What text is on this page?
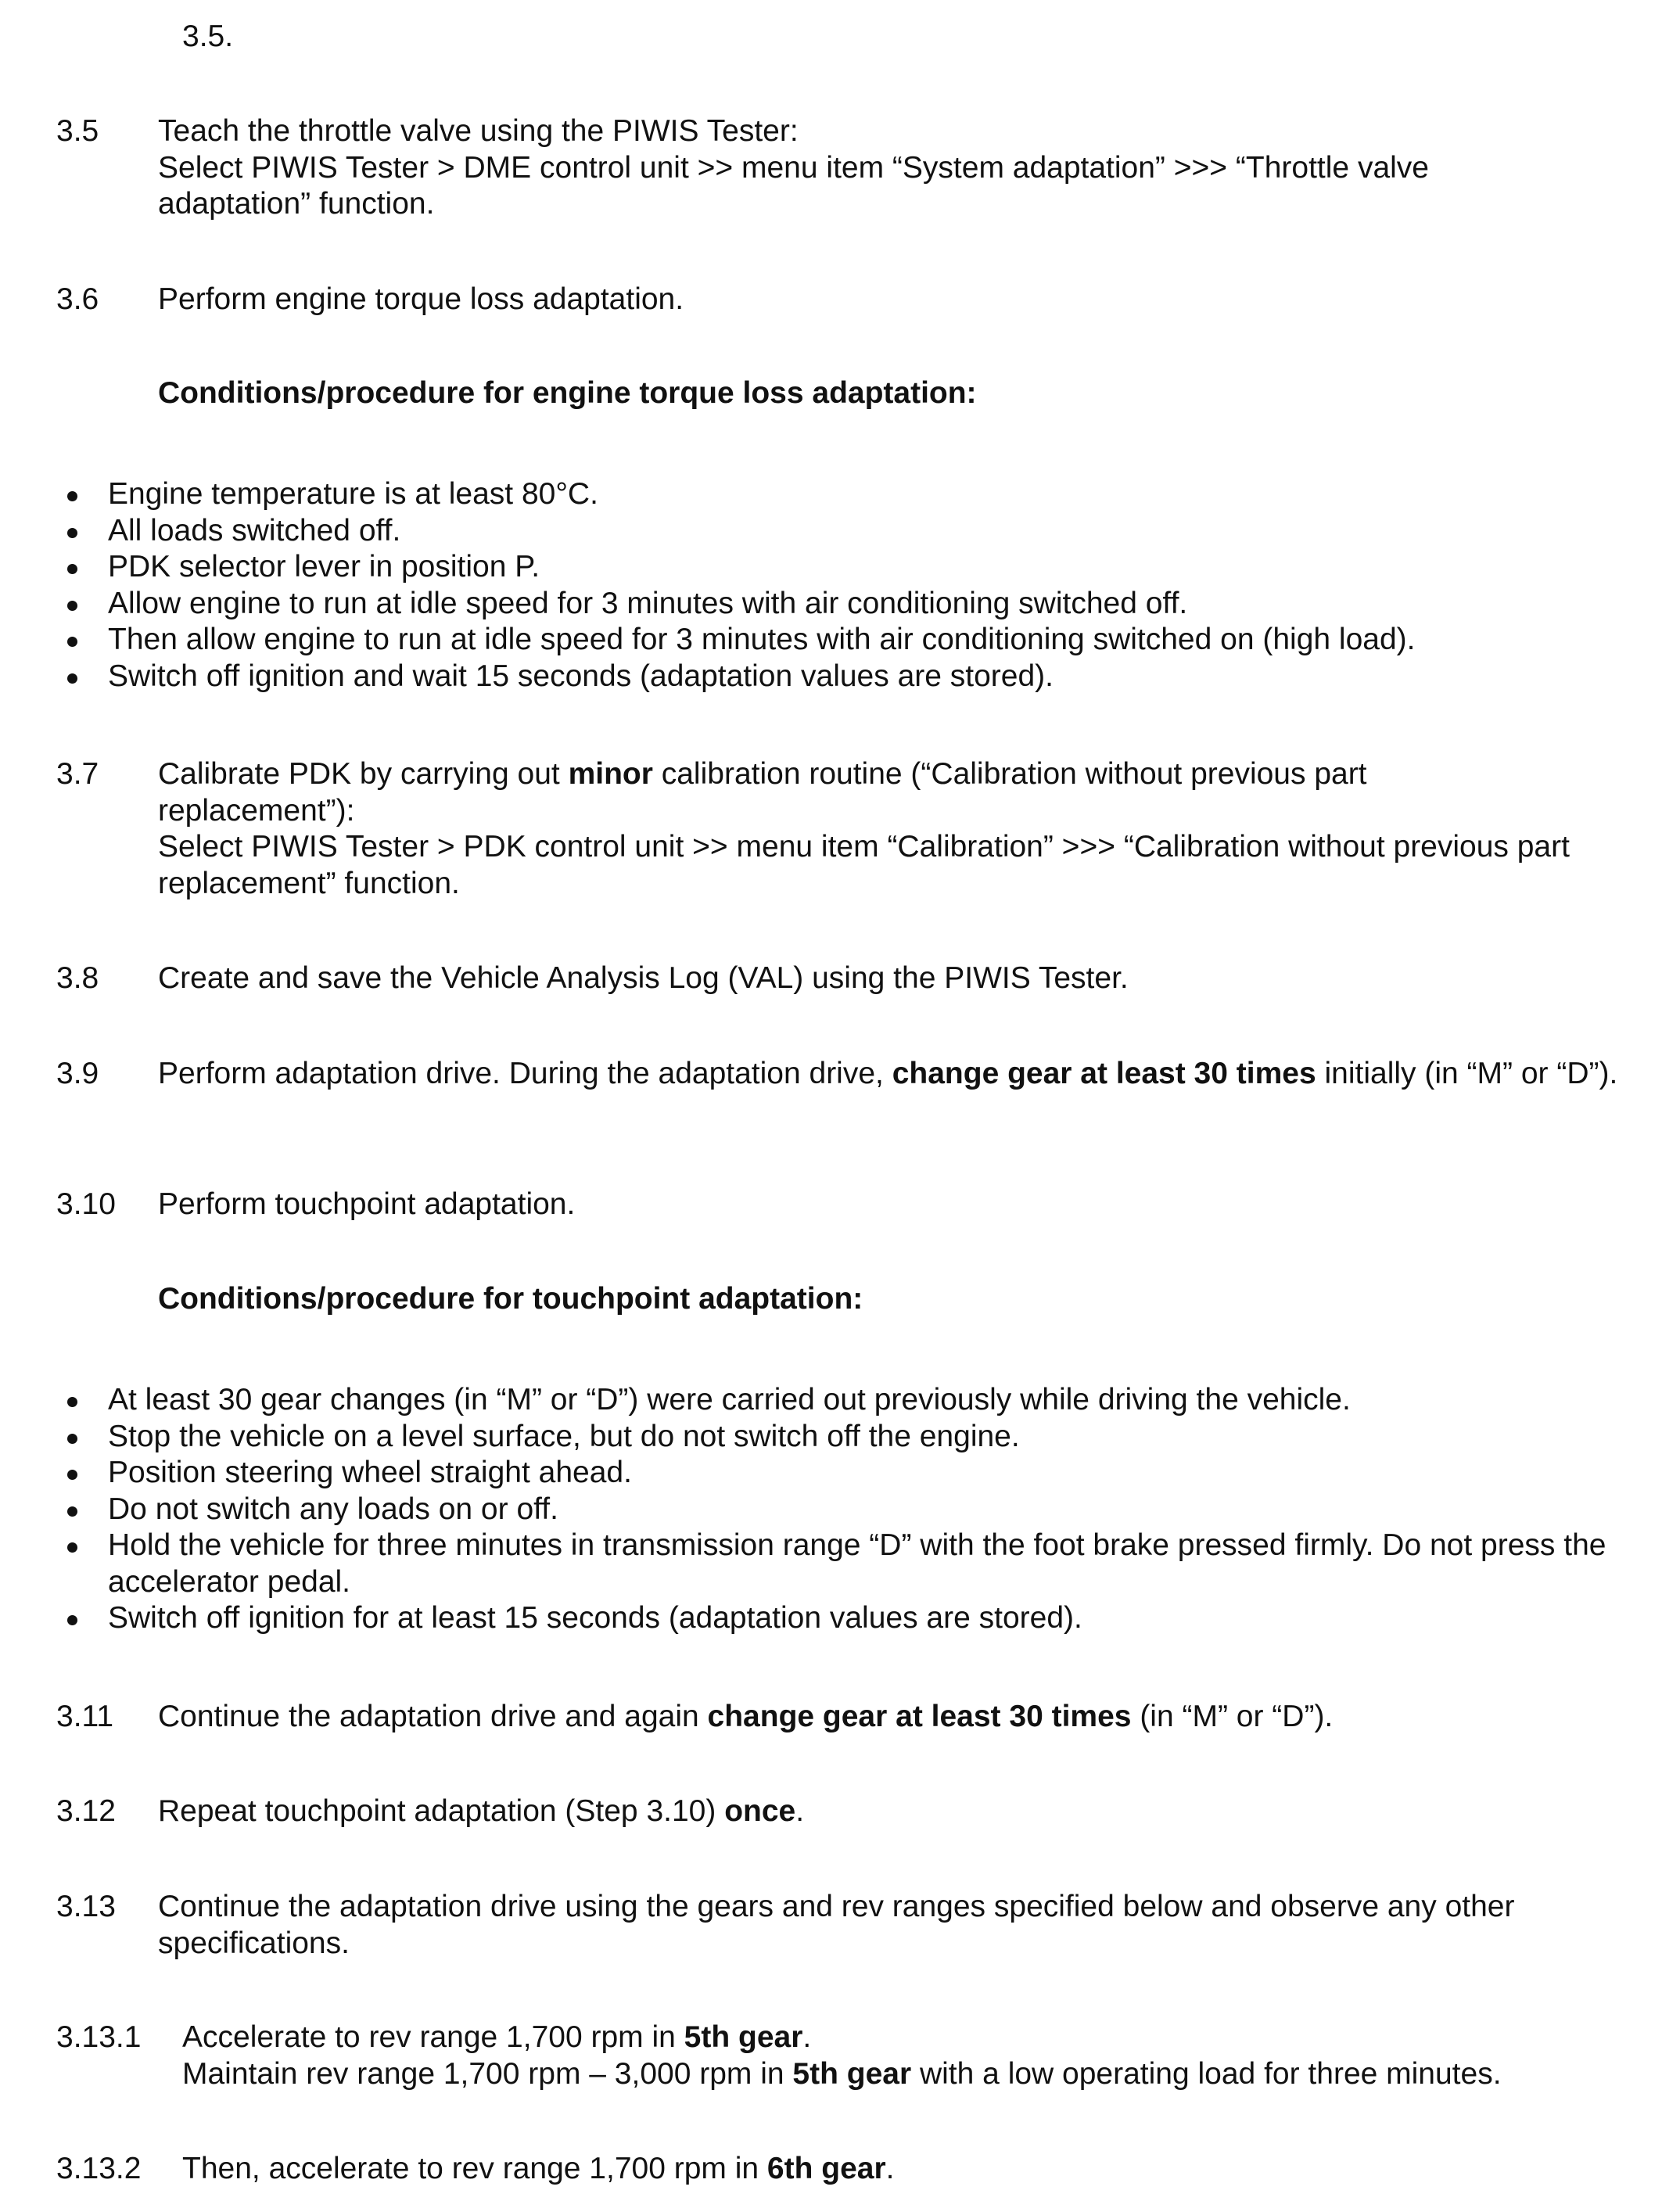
3.5.
3.5 Teach the throttle valve using the PIWIS Tester:
Select PIWIS Tester > DME control unit >> menu item “System adaptation” >>> “Throttle valve adaptation” function.
3.6 Perform engine torque loss adaptation.
Conditions/procedure for engine torque loss adaptation:
Engine temperature is at least 80°C.
All loads switched off.
PDK selector lever in position P.
Allow engine to run at idle speed for 3 minutes with air conditioning switched off.
Then allow engine to run at idle speed for 3 minutes with air conditioning switched on (high load).
Switch off ignition and wait 15 seconds (adaptation values are stored).
3.7 Calibrate PDK by carrying out minor calibration routine (“Calibration without previous part replacement”):
Select PIWIS Tester > PDK control unit >> menu item “Calibration” >>> “Calibration without previous part replacement” function.
3.8 Create and save the Vehicle Analysis Log (VAL) using the PIWIS Tester.
3.9 Perform adaptation drive. During the adaptation drive, change gear at least 30 times initially (in “M” or “D”).
3.10 Perform touchpoint adaptation.
Conditions/procedure for touchpoint adaptation:
At least 30 gear changes (in “M” or “D”) were carried out previously while driving the vehicle.
Stop the vehicle on a level surface, but do not switch off the engine.
Position steering wheel straight ahead.
Do not switch any loads on or off.
Hold the vehicle for three minutes in transmission range “D” with the foot brake pressed firmly. Do not press the accelerator pedal.
Switch off ignition for at least 15 seconds (adaptation values are stored).
3.11 Continue the adaptation drive and again change gear at least 30 times (in “M” or “D”).
3.12 Repeat touchpoint adaptation (Step 3.10) once.
3.13 Continue the adaptation drive using the gears and rev ranges specified below and observe any other specifications.
3.13.1 Accelerate to rev range 1,700 rpm in 5th gear.
Maintain rev range 1,700 rpm – 3,000 rpm in 5th gear with a low operating load for three minutes.
3.13.2 Then, accelerate to rev range 1,700 rpm in 6th gear.
